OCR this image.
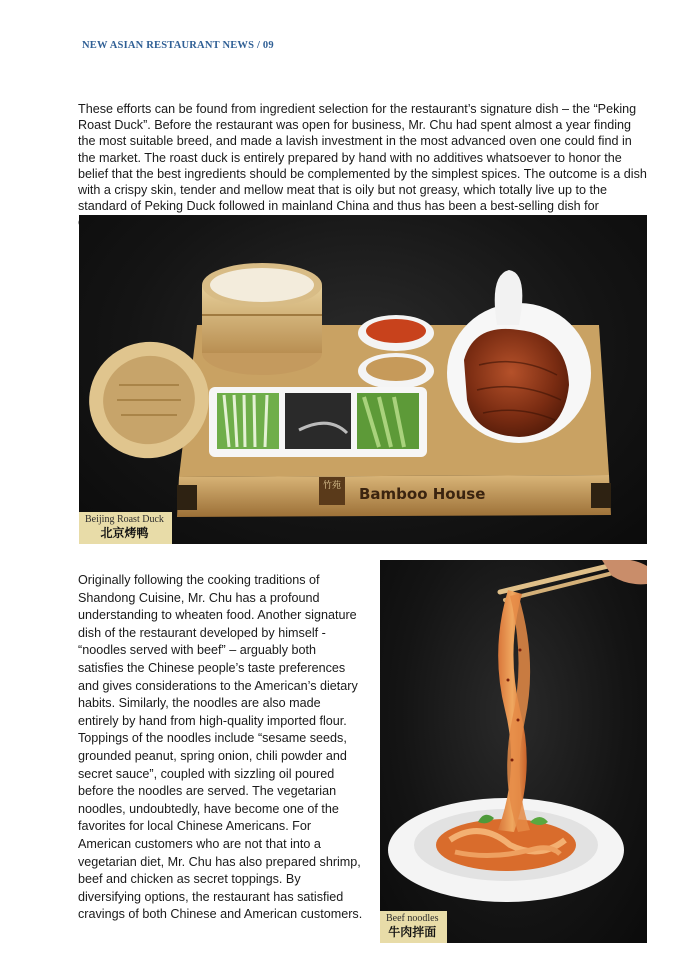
NEW ASIAN RESTAURANT NEWS / 09

These efforts can be found from ingredient selection for the restaurant’s signature dish – the “Peking Roast Duck”. Before the restaurant was open for business, Mr. Chu had spent almost a year finding the most suitable breed, and made a lavish investment in the most advanced oven one could find in the market. The roast duck is entirely prepared by hand with no additives whatsoever to honor the belief that the best ingredients should be complemented by the simplest spices. The outcome is a dish with a crispy skin, tender and mellow meat that is oily but not greasy, which totally live up to the standard of Peking Duck followed in mainland China and thus has been a best-selling dish for

竹苑 Bamboo House
Beijing Roast Duck
北京烤鸭

Originally following the cooking traditions of Shandong Cuisine, Mr. Chu has a profound understanding to wheaten food. Another signature dish of the restaurant developed by himself - “noodles served with beef” – arguably both satisfies the Chinese people’s taste preferences and gives considerations to the American’s dietary habits. Similarly, the noodles are also made entirely by hand from high-quality imported flour. Toppings of the noodles include “sesame seeds, grounded peanut, spring onion, chili powder and secret sauce”, coupled with sizzling oil poured before the noodles are served. The vegetarian noodles, undoubtedly, have become one of the favorites for local Chinese Americans. For American customers who are not that into a vegetarian diet, Mr. Chu has also prepared shrimp, beef and chicken as secret toppings. By diversifying options, the restaurant has satisfied cravings of both Chinese and American customers. Beef noodles
牛肉拌面
